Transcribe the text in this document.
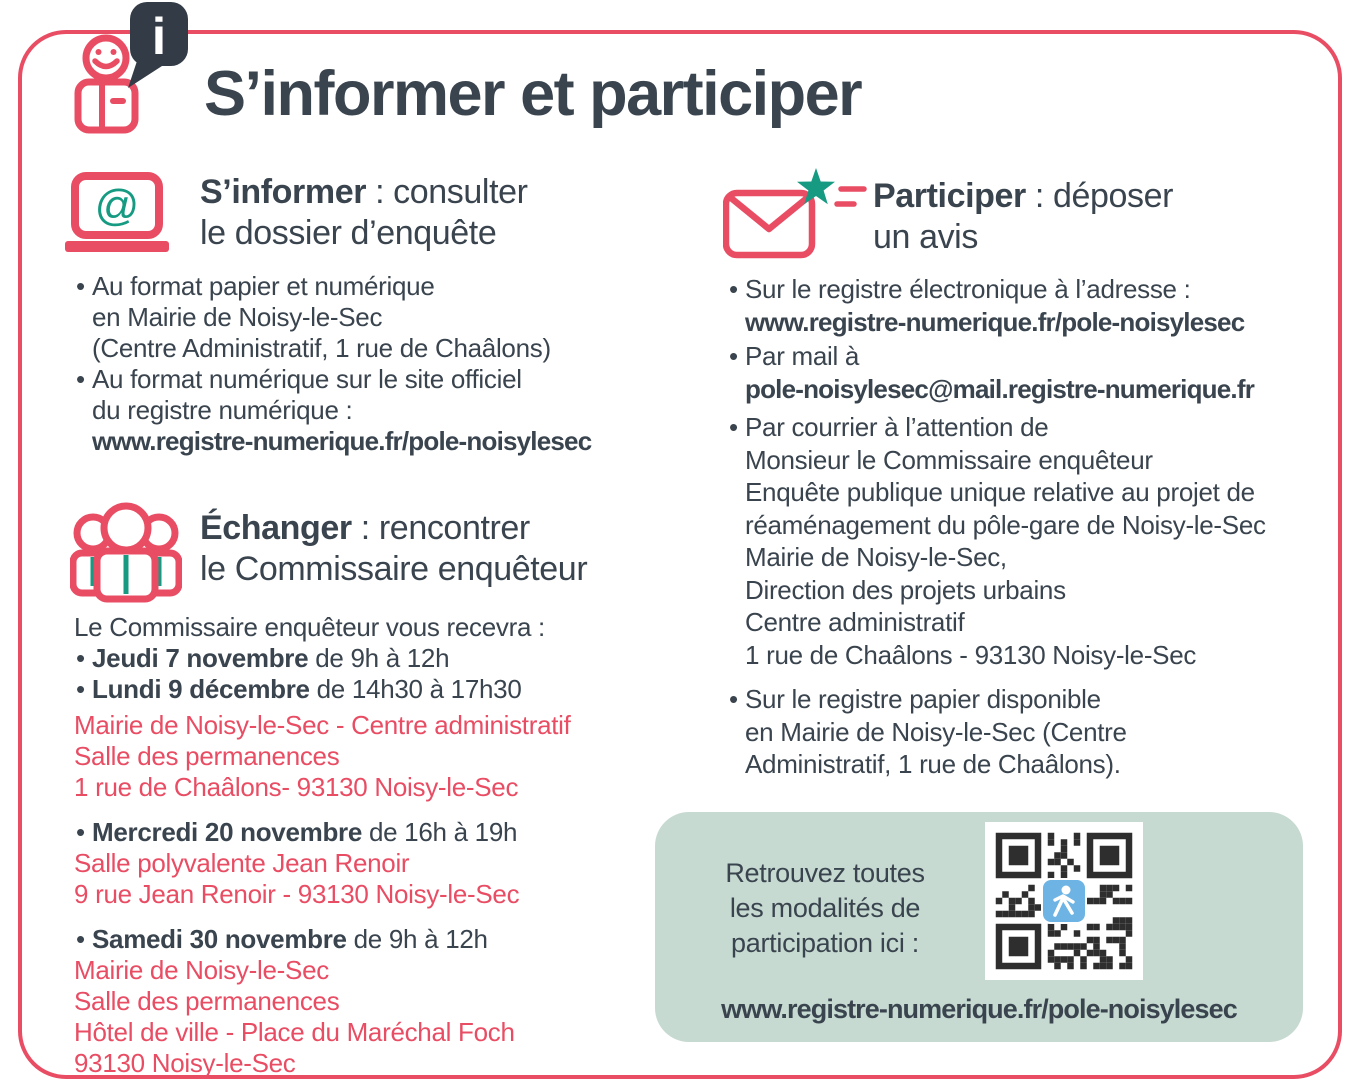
i
S’informer et participer
@ S’informer : consulter
le dossier d’enquête
• Au format papier et numérique
en Mairie de Noisy-le-Sec
(Centre Administratif, 1 rue de Chaâlons)
• Au format numérique sur le site officiel
du registre numérique :
www.registre-numerique.fr/pole-noisylesec
Échanger : rencontrer
le Commissaire enquêteur
Le Commissaire enquêteur vous recevra :
• Jeudi 7 novembre de 9h à 12h
• Lundi 9 décembre de 14h30 à 17h30
Mairie de Noisy-le-Sec - Centre administratif
Salle des permanences
1 rue de Chaâlons- 93130 Noisy-le-Sec
• Mercredi 20 novembre de 16h à 19h
Salle polyvalente Jean Renoir
9 rue Jean Renoir - 93130 Noisy-le-Sec
• Samedi 30 novembre de 9h à 12h
Mairie de Noisy-le-Sec
Salle des permanences
Hôtel de ville - Place du Maréchal Foch
93130 Noisy-le-Sec
Participer : déposer
un avis
• Sur le registre électronique à l’adresse :
www.registre-numerique.fr/pole-noisylesec
• Par mail à
pole-noisylesec@mail.registre-numerique.fr
• Par courrier à l’attention de
Monsieur le Commissaire enquêteur
Enquête publique unique relative au projet de
réaménagement du pôle-gare de Noisy-le-Sec
Mairie de Noisy-le-Sec,
Direction des projets urbains
Centre administratif
1 rue de Chaâlons - 93130 Noisy-le-Sec
• Sur le registre papier disponible
en Mairie de Noisy-le-Sec (Centre
Administratif, 1 rue de Chaâlons).
Retrouvez toutes
les modalités de
participation ici :
www.registre-numerique.fr/pole-noisylesec
